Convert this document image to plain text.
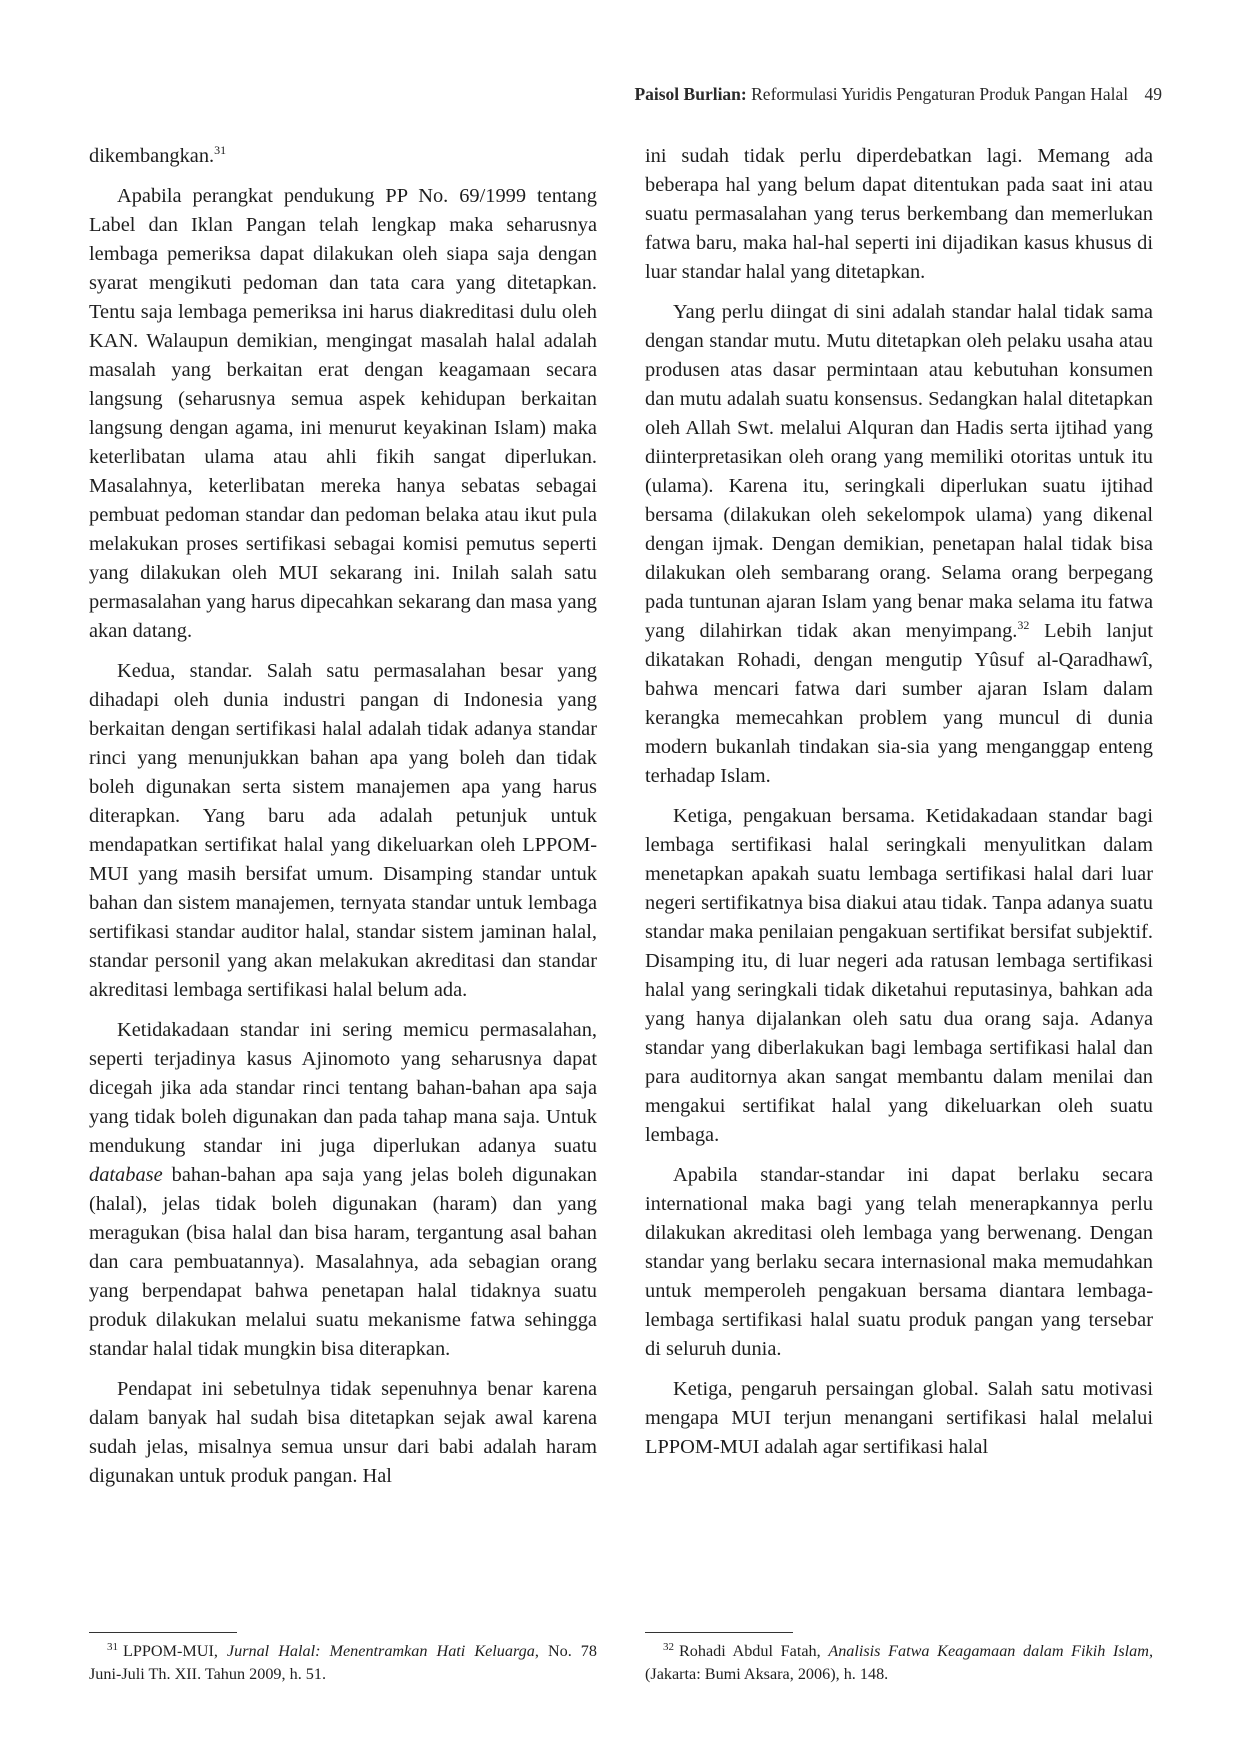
Paisol Burlian: Reformulasi Yuridis Pengaturan Produk Pangan Halal 49

dikembangkan.$^{31}$

Apabila perangkat pendukung PP No. 69/1999 tentang Label dan Iklan Pangan telah lengkap maka seharusnya lembaga pemeriksa dapat dilakukan oleh siapa saja dengan syarat mengikuti pedoman dan tata cara yang ditetapkan. Tentu saja lembaga pemeriksa ini harus diakreditasi dulu oleh KAN. Walaupun demikian, mengingat masalah halal adalah masalah yang berkaitan erat dengan keagamaan secara langsung (seharusnya semua aspek kehidupan berkaitan langsung dengan agama, ini menurut keyakinan Islam) maka keterlibatan ulama atau ahli fikih sangat diperlukan. Masalahnya, keterlibatan mereka hanya sebatas sebagai pembuat pedoman standar dan pedoman belaka atau ikut pula melakukan proses sertifikasi sebagai komisi pemutus seperti yang dilakukan oleh MUI sekarang ini. Inilah salah satu permasalahan yang harus dipecahkan sekarang dan masa yang akan datang.

Kedua, standar. Salah satu permasalahan besar yang dihadapi oleh dunia industri pangan di Indonesia yang berkaitan dengan sertifikasi halal adalah tidak adanya standar rinci yang menunjukkan bahan apa yang boleh dan tidak boleh digunakan serta sistem manajemen apa yang harus diterapkan. Yang baru ada adalah petunjuk untuk mendapatkan sertifikat halal yang dikeluarkan oleh LPPOM-MUI yang masih bersifat umum. Disamping standar untuk bahan dan sistem manajemen, ternyata standar untuk lembaga sertifikasi standar auditor halal, standar sistem jaminan halal, standar personil yang akan melakukan akreditasi dan standar akreditasi lembaga sertifikasi halal belum ada.

Ketidakadaan standar ini sering memicu permasalahan, seperti terjadinya kasus Ajinomoto yang seharusnya dapat dicegah jika ada standar rinci tentang bahan-bahan apa saja yang tidak boleh digunakan dan pada tahap mana saja. Untuk mendukung standar ini juga diperlukan adanya suatu database bahan-bahan apa saja yang jelas boleh digunakan (halal), jelas tidak boleh digunakan (haram) dan yang meragukan (bisa halal dan bisa haram, tergantung asal bahan dan cara pembuatannya). Masalahnya, ada sebagian orang yang berpendapat bahwa penetapan halal tidaknya suatu produk dilakukan melalui suatu mekanisme fatwa sehingga standar halal tidak mungkin bisa diterapkan.

Pendapat ini sebetulnya tidak sepenuhnya benar karena dalam banyak hal sudah bisa ditetapkan sejak awal karena sudah jelas, misalnya semua unsur dari babi adalah haram digunakan untuk produk pangan. Hal

ini sudah tidak perlu diperdebatkan lagi. Memang ada beberapa hal yang belum dapat ditentukan pada saat ini atau suatu permasalahan yang terus berkembang dan memerlukan fatwa baru, maka hal-hal seperti ini dijadikan kasus khusus di luar standar halal yang ditetapkan.

Yang perlu diingat di sini adalah standar halal tidak sama dengan standar mutu. Mutu ditetapkan oleh pelaku usaha atau produsen atas dasar permintaan atau kebutuhan konsumen dan mutu adalah suatu konsensus. Sedangkan halal ditetapkan oleh Allah Swt. melalui Alquran dan Hadis serta ijtihad yang diinterpretasikan oleh orang yang memiliki otoritas untuk itu (ulama). Karena itu, seringkali diperlukan suatu ijtihad bersama (dilakukan oleh sekelompok ulama) yang dikenal dengan ijmak. Dengan demikian, penetapan halal tidak bisa dilakukan oleh sembarang orang. Selama orang berpegang pada tuntunan ajaran Islam yang benar maka selama itu fatwa yang dilahirkan tidak akan menyimpang.$^{32}$ Lebih lanjut dikatakan Rohadi, dengan mengutip Yûsuf al-Qaradhawî, bahwa mencari fatwa dari sumber ajaran Islam dalam kerangka memecahkan problem yang muncul di dunia modern bukanlah tindakan sia-sia yang menganggap enteng terhadap Islam.

Ketiga, pengakuan bersama. Ketidakadaan standar bagi lembaga sertifikasi halal seringkali menyulitkan dalam menetapkan apakah suatu lembaga sertifikasi halal dari luar negeri sertifikatnya bisa diakui atau tidak. Tanpa adanya suatu standar maka penilaian pengakuan sertifikat bersifat subjektif. Disamping itu, di luar negeri ada ratusan lembaga sertifikasi halal yang seringkali tidak diketahui reputasinya, bahkan ada yang hanya dijalankan oleh satu dua orang saja. Adanya standar yang diberlakukan bagi lembaga sertifikasi halal dan para auditornya akan sangat membantu dalam menilai dan mengakui sertifikat halal yang dikeluarkan oleh suatu lembaga.

Apabila standar-standar ini dapat berlaku secara international maka bagi yang telah menerapkannya perlu dilakukan akreditasi oleh lembaga yang berwenang. Dengan standar yang berlaku secara internasional maka memudahkan untuk memperoleh pengakuan bersama diantara lembaga-lembaga sertifikasi halal suatu produk pangan yang tersebar di seluruh dunia.

Ketiga, pengaruh persaingan global. Salah satu motivasi mengapa MUI terjun menangani sertifikasi halal melalui LPPOM-MUI adalah agar sertifikasi halal

$^{31}$ LPPOM-MUI, Jurnal Halal: Menentramkan Hati Keluarga, No. 78 Juni-Juli Th. XII. Tahun 2009, h. 51.
$^{32}$ Rohadi Abdul Fatah, Analisis Fatwa Keagamaan dalam Fikih Islam, (Jakarta: Bumi Aksara, 2006), h. 148.
